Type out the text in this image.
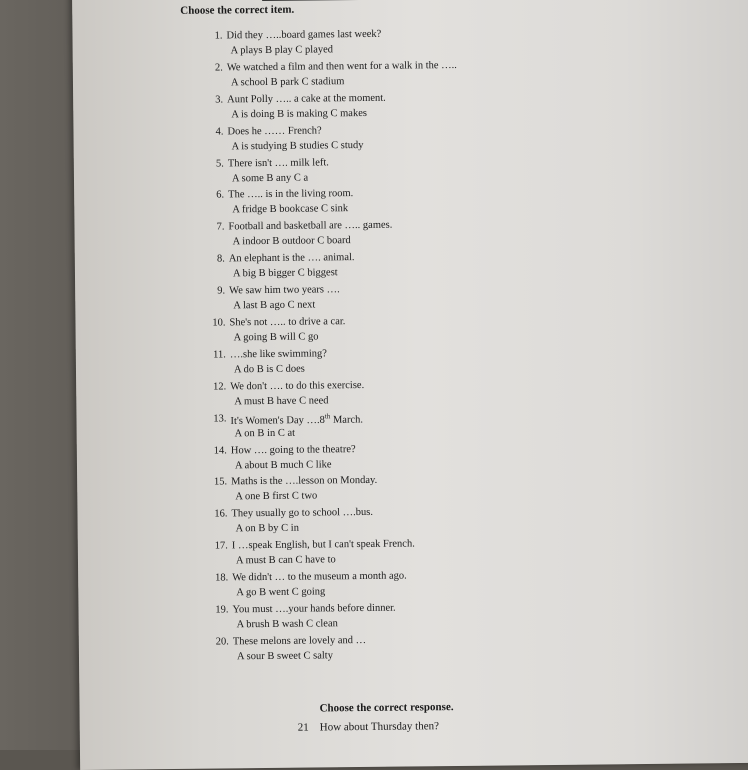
Choose the correct item.
1. Did they …..board games last week?
A plays B play C played
2. We watched a film and then went for a walk in the …..
A school B park C stadium
3. Aunt Polly ….. a cake at the moment.
A is doing B is making C makes
4. Does he …… French?
A is studying B studies C study
5. There isn't …. milk left.
A some B any C a
6. The ….. is in the living room.
A fridge B bookcase C sink
7. Football and basketball are ….. games.
A indoor B outdoor C board
8. An elephant is the …. animal.
A big B bigger C biggest
9. We saw him two years ….
A last B ago C next
10. She's not ….. to drive a car.
A going B will C go
11. ….she like swimming?
A do B is C does
12. We don't …. to do this exercise.
A must B have C need
13. It's Women's Day ….8th March.
A on B in C at
14. How …. going to the theatre?
A about B much C like
15. Maths is the ….lesson on Monday.
A one B first C two
16. They usually go to school ….bus.
A on B by C in
17. I …speak English, but I can't speak French.
A must B can C have to
18. We didn't … to the museum a month ago.
A go B went C going
19. You must ….your hands before dinner.
A brush B wash C clean
20. These melons are lovely and …
A sour B sweet C salty
Choose the correct response.
21 How about Thursday then?
